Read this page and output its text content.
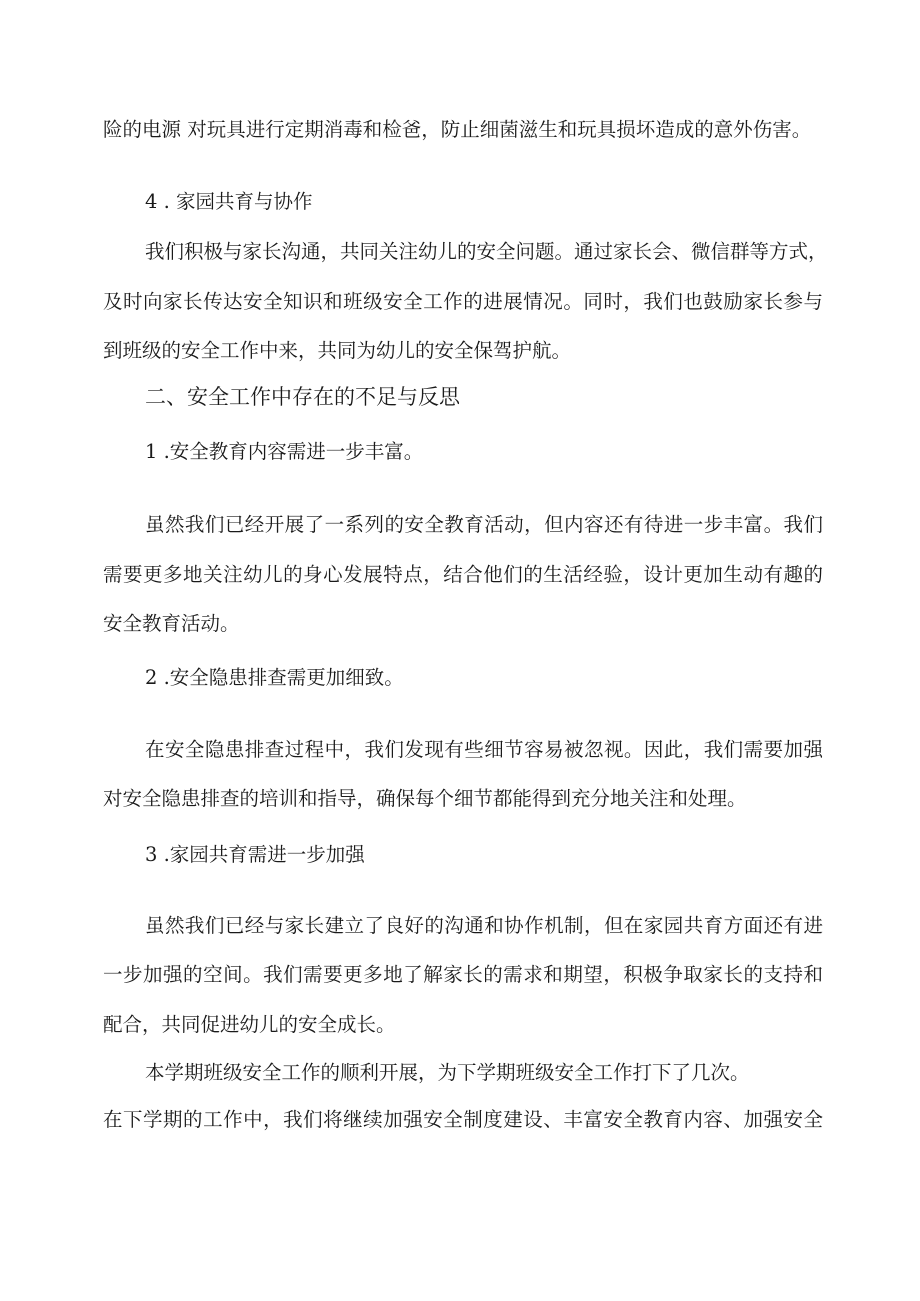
险的电源 对玩具进行定期消毒和检爸，防止细菌滋生和玩具损坏造成的意外伤害。
4 . 家园共育与协作
我们积极与家长沟通，共同关注幼儿的安全问题。通过家长会、微信群等方式，
及时向家长传达安全知识和班级安全工作的进展情况。同时，我们也鼓励家长参与
到班级的安全工作中来，共同为幼儿的安全保驾护航。
二、安全工作中存在的不足与反思
1 .安全教育内容需进一步丰富。
虽然我们已经开展了一系列的安全教育活动，但内容还有待进一步丰富。我们
需要更多地关注幼儿的身心发展特点，结合他们的生活经验，设计更加生动有趣的
安全教育活动。
2 .安全隐患排查需更加细致。
在安全隐患排查过程中，我们发现有些细节容易被忽视。因此，我们需要加强
对安全隐患排查的培训和指导，确保每个细节都能得到充分地关注和处理。
3 .家园共育需进一步加强
虽然我们已经与家长建立了良好的沟通和协作机制，但在家园共育方面还有进
一步加强的空间。我们需要更多地了解家长的需求和期望，积极争取家长的支持和
配合，共同促进幼儿的安全成长。
本学期班级安全工作的顺利开展，为下学期班级安全工作打下了几次。
在下学期的工作中，我们将继续加强安全制度建设、丰富安全教育内容、加强安全
